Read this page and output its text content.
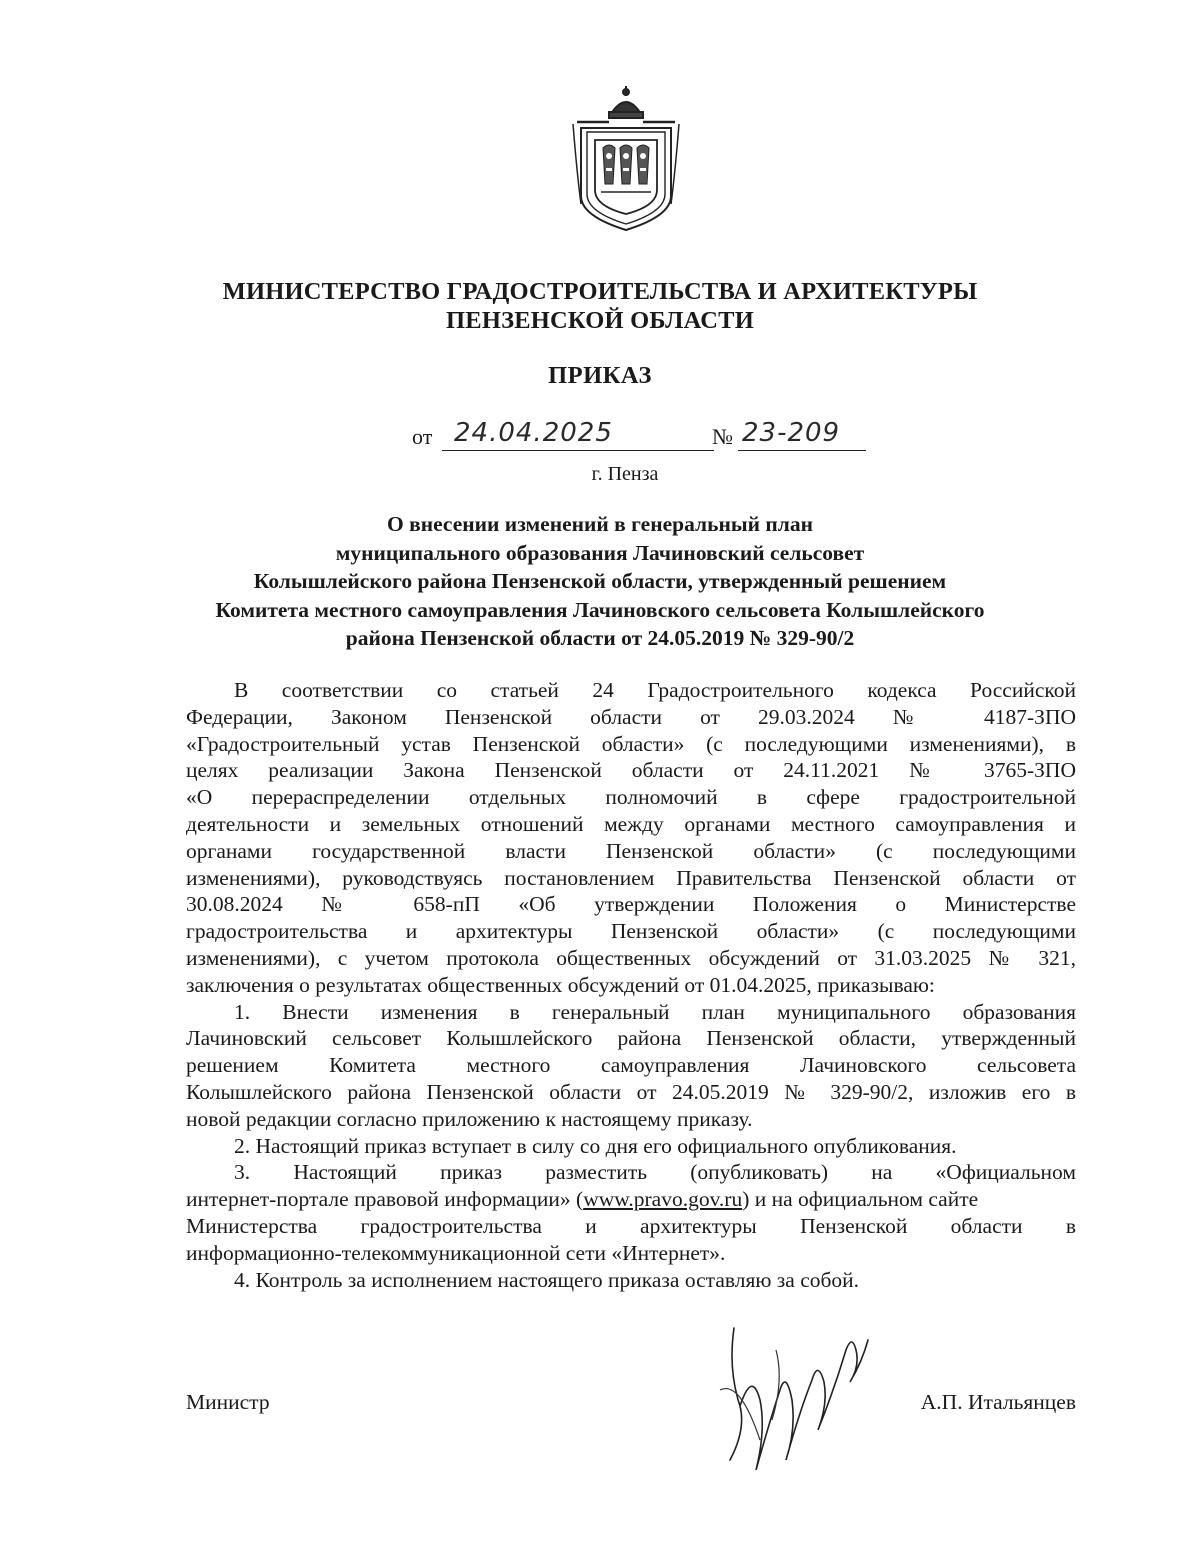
МИНИСТЕРСТВО ГРАДОСТРОИТЕЛЬСТВА И АРХИТЕКТУРЫ
ПЕНЗЕНСКОЙ ОБЛАСТИ
ПРИКАЗ
от 24.04.2025	№ 23-209
г. Пенза
О внесении изменений в генеральный план
муниципального образования Лачиновский сельсовет
Колышлейского района Пензенской области, утвержденный решением
Комитета местного самоуправления Лачиновского сельсовета Колышлейского
района Пензенской области от 24.05.2019 № 329-90/2
В соответствии со статьей 24 Градостроительного кодекса Российской
Федерации, Законом Пензенской области от 29.03.2024 № 4187-ЗПО
«Градостроительный устав Пензенской области» (с последующими изменениями), в
целях реализации Закона Пензенской области от 24.11.2021 № 3765-ЗПО
«О перераспределении отдельных полномочий в сфере градостроительной
деятельности и земельных отношений между органами местного самоуправления и
органами государственной власти Пензенской области» (с последующими
изменениями), руководствуясь постановлением Правительства Пензенской области от
30.08.2024 № 658-пП «Об утверждении Положения о Министерстве
градостроительства и архитектуры Пензенской области» (с последующими
изменениями), с учетом протокола общественных обсуждений от 31.03.2025 № 321,
заключения о результатах общественных обсуждений от 01.04.2025, приказываю:
1. Внести изменения в генеральный план муниципального образования
Лачиновский сельсовет Колышлейского района Пензенской области, утвержденный
решением Комитета местного самоуправления Лачиновского сельсовета
Колышлейского района Пензенской области от 24.05.2019 № 329-90/2, изложив его в
новой редакции согласно приложению к настоящему приказу.
2. Настоящий приказ вступает в силу со дня его официального опубликования.
3. Настоящий приказ разместить (опубликовать) на «Официальном
интернет-портале правовой информации» (www.pravo.gov.ru) и на официальном сайте
Министерства градостроительства и архитектуры Пензенской области в
информационно-телекоммуникационной сети «Интернет».
4. Контроль за исполнением настоящего приказа оставляю за собой.
Министр	А.П. Итальянцев
